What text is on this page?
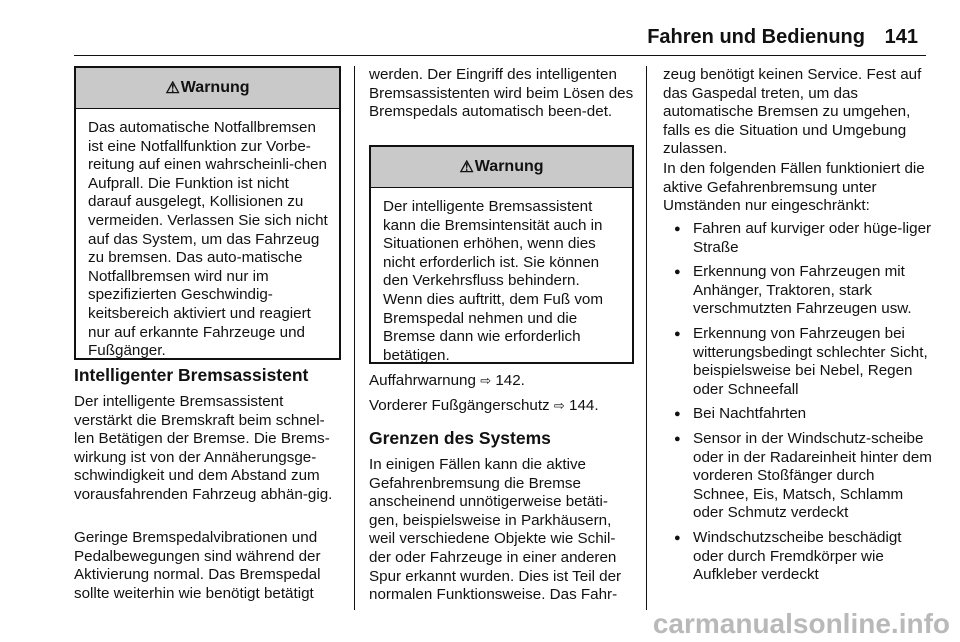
Fahren und Bedienung 141
⚠ Warnung
Das automatische Notfallbremsen ist eine Notfallfunktion zur Vorbe-reitung auf einen wahrscheinli-chen Aufprall. Die Funktion ist nicht darauf ausgelegt, Kollisionen zu vermeiden. Verlassen Sie sich nicht auf das System, um das Fahrzeug zu bremsen. Das auto-matische Notfallbremsen wird nur im spezifizierten Geschwindig-keitsbereich aktiviert und reagiert nur auf erkannte Fahrzeuge und Fußgänger.
Intelligenter Bremsassistent
Der intelligente Bremsassistent verstärkt die Bremskraft beim schnel-len Betätigen der Bremse. Die Brems-wirkung ist von der Annäherungsge-schwindigkeit und dem Abstand zum vorausfahrenden Fahrzeug abhän-gig.
Geringe Bremspedalvibrationen und Pedalbewegungen sind während der Aktivierung normal. Das Bremspedal sollte weiterhin wie benötigt betätigt
werden. Der Eingriff des intelligenten Bremsassistenten wird beim Lösen des Bremspedals automatisch been-det.
⚠ Warnung
Der intelligente Bremsassistent kann die Bremsintensität auch in Situationen erhöhen, wenn dies nicht erforderlich ist. Sie können den Verkehrsfluss behindern. Wenn dies auftritt, dem Fuß vom Bremspedal nehmen und die Bremse dann wie erforderlich betätigen.
Auffahrwarnung ⇨ 142.
Vorderer Fußgängerschutz ⇨ 144.
Grenzen des Systems
In einigen Fällen kann die aktive Gefahrenbremsung die Bremse anscheinend unnötigerweise betäti-gen, beispielsweise in Parkhäusern, weil verschiedene Objekte wie Schil-der oder Fahrzeuge in einer anderen Spur erkannt wurden. Dies ist Teil der normalen Funktionsweise. Das Fahr-
zeug benötigt keinen Service. Fest auf das Gaspedal treten, um das automatische Bremsen zu umgehen, falls es die Situation und Umgebung zulassen.
In den folgenden Fällen funktioniert die aktive Gefahrenbremsung unter Umständen nur eingeschränkt:
● Fahren auf kurviger oder hüge-liger Straße
● Erkennung von Fahrzeugen mit Anhänger, Traktoren, stark verschmutzten Fahrzeugen usw.
● Erkennung von Fahrzeugen bei witterungsbedingt schlechter Sicht, beispielsweise bei Nebel, Regen oder Schneefall
● Bei Nachtfahrten
● Sensor in der Windschutz-scheibe oder in der Radareinheit hinter dem vorderen Stoßfänger durch Schnee, Eis, Matsch, Schlamm oder Schmutz verdeckt
● Windschutzscheibe beschädigt oder durch Fremdkörper wie Aufkleber verdeckt
carmanualsonline.info
